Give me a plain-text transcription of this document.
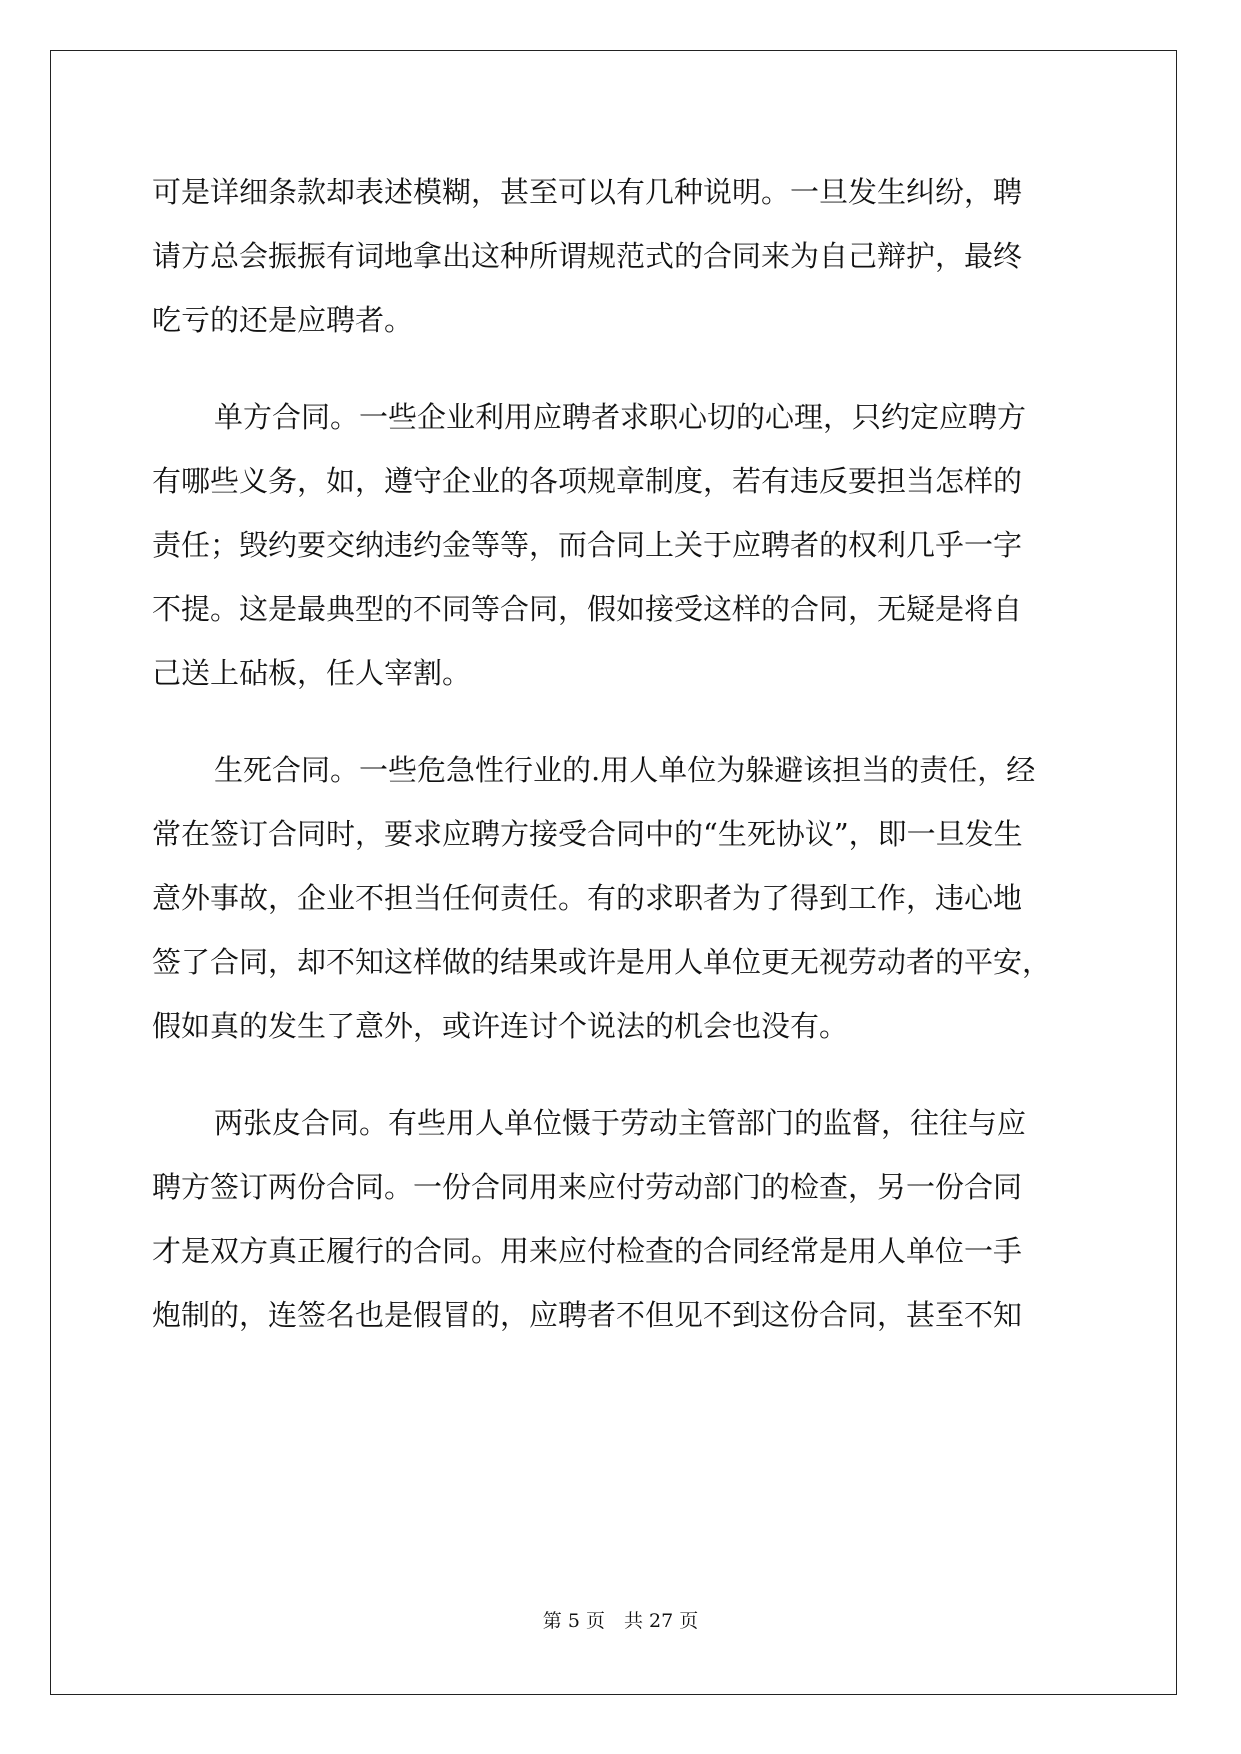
可是详细条款却表述模糊，甚至可以有几种说明。一旦发生纠纷，聘
请方总会振振有词地拿出这种所谓规范式的合同来为自己辩护，最终
吃亏的还是应聘者。
单方合同。一些企业利用应聘者求职心切的心理，只约定应聘方
有哪些义务，如，遵守企业的各项规章制度，若有违反要担当怎样的
责任；毁约要交纳违约金等等，而合同上关于应聘者的权利几乎一字
不提。这是最典型的不同等合同，假如接受这样的合同，无疑是将自
己送上砧板，任人宰割。
生死合同。一些危急性行业的.用人单位为躲避该担当的责任，经
常在签订合同时，要求应聘方接受合同中的“生死协议”，即一旦发生
意外事故，企业不担当任何责任。有的求职者为了得到工作，违心地
签了合同，却不知这样做的结果或许是用人单位更无视劳动者的平安，
假如真的发生了意外，或许连讨个说法的机会也没有。
两张皮合同。有些用人单位慑于劳动主管部门的监督，往往与应
聘方签订两份合同。一份合同用来应付劳动部门的检查，另一份合同
才是双方真正履行的合同。用来应付检查的合同经常是用人单位一手
炮制的，连签名也是假冒的，应聘者不但见不到这份合同，甚至不知
第 5 页　共 27 页
